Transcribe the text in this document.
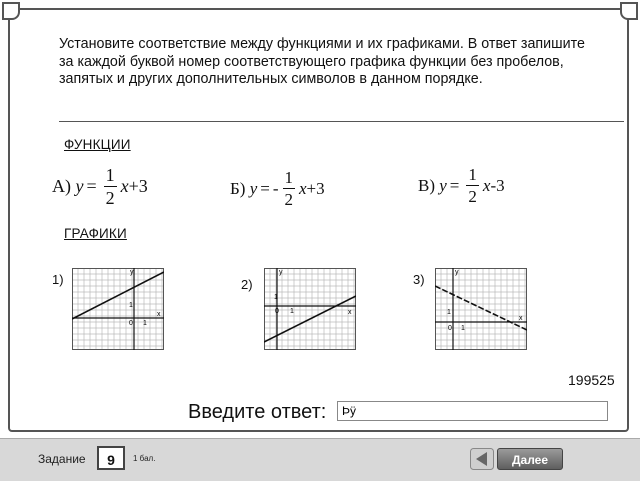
Установите соответствие между функциями и их графиками. В ответ запишите за каждой буквой номер соответствующего графика функции без пробелов, запятых и других дополнительных символов в данном порядке.
ФУНКЦИИ
А)
$y = \frac{1}{2}$ x +3	Б)
y = - $\frac{1}{2}$ x +3	В)
$y = \frac{1}{2}$ x -3
ГРАФИКИ
1)	y
x
0 1
1
2)
y
x
0 1
1
3)	y
x
0 1
1
199525
Введите ответ:
Þÿ
Задание	9	1 бал.	Далее
